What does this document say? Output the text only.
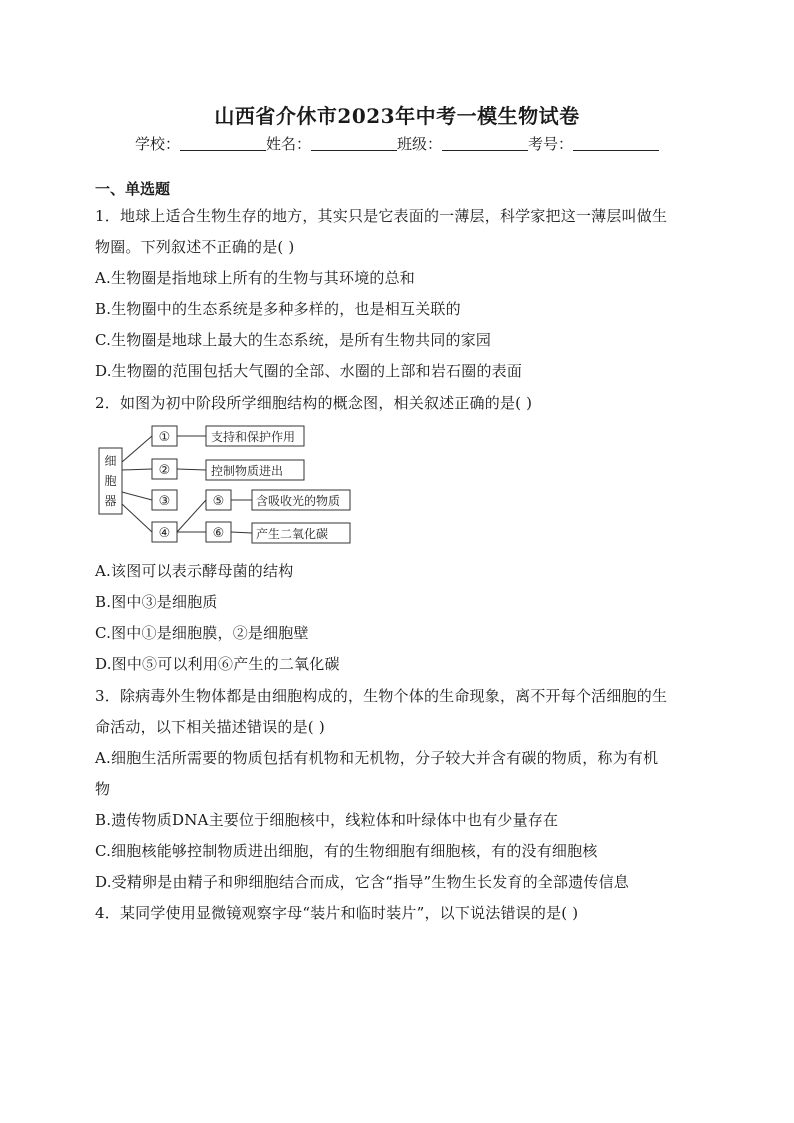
山西省介休市2023年中考一模生物试卷
学校：	姓名：	班级：	考号：
一、单选题
1．地球上适合生物生存的地方，其实只是它表面的一薄层，科学家把这一薄层叫做生
物圈。下列叙述不正确的是( )
A.生物圈是指地球上所有的生物与其环境的总和
B.生物圈中的生态系统是多种多样的，也是相互关联的
C.生物圈是地球上最大的生态系统，是所有生物共同的家园
D.生物圈的范围包括大气圈的全部、水圈的上部和岩石圈的表面
2．如图为初中阶段所学细胞结构的概念图，相关叙述正确的是( )
细
胞
器
①
②
③
④
⑤
⑥
支持和保护作用
控制物质进出
含吸收光的物质
产生二氧化碳
A.该图可以表示酵母菌的结构
B.图中③是细胞质
C.图中①是细胞膜，②是细胞壁
D.图中⑤可以利用⑥产生的二氧化碳
3．除病毒外生物体都是由细胞构成的，生物个体的生命现象，离不开每个活细胞的生
命活动，以下相关描述错误的是( )
A.细胞生活所需要的物质包括有机物和无机物，分子较大并含有碳的物质，称为有机
物
B.遗传物质DNA主要位于细胞核中，线粒体和叶绿体中也有少量存在
C.细胞核能够控制物质进出细胞，有的生物细胞有细胞核，有的没有细胞核
D.受精卵是由精子和卵细胞结合而成，它含“指导”生物生长发育的全部遗传信息
4．某同学使用显微镜观察字母“装片和临时装片”，以下说法错误的是( )
